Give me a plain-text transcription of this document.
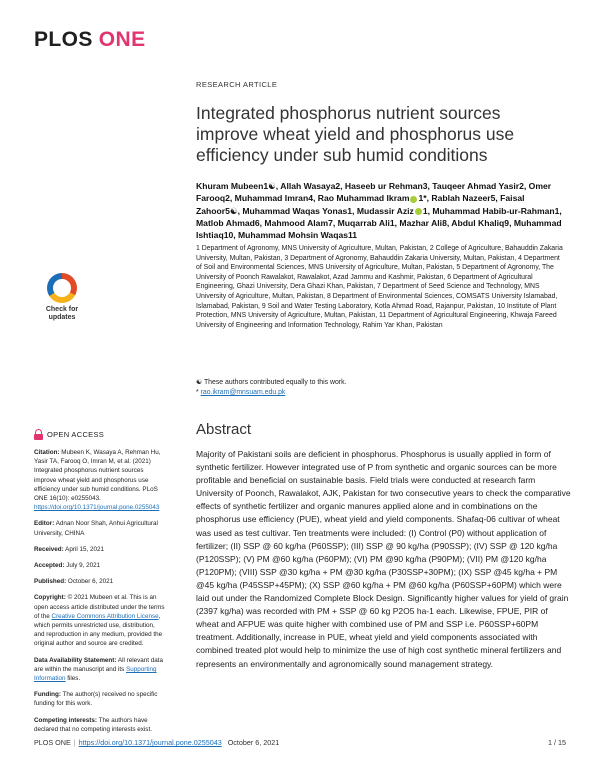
PLOS ONE
RESEARCH ARTICLE
Integrated phosphorus nutrient sources improve wheat yield and phosphorus use efficiency under sub humid conditions
Khuram Mubeen1☯, Allah Wasaya2, Haseeb ur Rehman3, Tauqeer Ahmad Yasir2, Omer Farooq2, Muhammad Imran4, Rao Muhammad Ikram 1*, Rablah Nazeer5, Faisal Zahoor5☯, Muhammad Waqas Yonas1, Mudassir Aziz 1, Muhammad Habib-ur-Rahman1, Matlob Ahmad6, Mahmood Alam7, Muqarrab Ali1, Mazhar Ali8, Abdul Khaliq9, Muhammad Ishtiaq10, Muhammad Mohsin Waqas11
1 Department of Agronomy, MNS University of Agriculture, Multan, Pakistan, 2 College of Agriculture, Bahauddin Zakaria University, Multan, Pakistan, 3 Department of Agronomy, Bahauddin Zakaria University, Multan, Pakistan, 4 Department of Soil and Environmental Sciences, MNS University of Agriculture, Multan, Pakistan, 5 Department of Agronomy, The University of Poonch Rawalakot, Rawalakot, Azad Jammu and Kashmir, Pakistan, 6 Department of Agricultural Engineering, Ghazi University, Dera Ghazi Khan, Pakistan, 7 Department of Seed Science and Technology, MNS University of Agriculture, Multan, Pakistan, 8 Department of Environmental Sciences, COMSATS University Islamabad, Islamabad, Pakistan, 9 Soil and Water Testing Laboratory, Kotla Ahmad Road, Rajanpur, Pakistan, 10 Institute of Plant Protection, MNS University of Agriculture, Multan, Pakistan, 11 Department of Agricultural Engineering, Khwaja Fareed University of Engineering and Information Technology, Rahim Yar Khan, Pakistan
☯ These authors contributed equally to this work.
* rao.ikram@mnsuam.edu.pk
Check for
updates
OPEN ACCESS

Citation: Mubeen K, Wasaya A, Rehman Hu, Yasir TA, Farooq O, Imran M, et al. (2021) Integrated phosphorus nutrient sources improve wheat yield and phosphorus use efficiency under sub humid conditions. PLoS ONE 16(10): e0255043. https://doi.org/10.1371/journal.pone.0255043

Editor: Adnan Noor Shah, Anhui Agricultural University, CHINA

Received: April 15, 2021

Accepted: July 9, 2021

Published: October 6, 2021

Copyright: © 2021 Mubeen et al. This is an open access article distributed under the terms of the Creative Commons Attribution License, which permits unrestricted use, distribution, and reproduction in any medium, provided the original author and source are credited.

Data Availability Statement: All relevant data are within the manuscript and its Supporting Information files.

Funding: The author(s) received no specific funding for this work.

Competing interests: The authors have declared that no competing interests exist.

Abstract
Majority of Pakistani soils are deficient in phosphorus. Phosphorus is usually applied in form of synthetic fertilizer. However integrated use of P from synthetic and organic sources can be more profitable and beneficial on sustainable basis. Field trials were conducted at research farm University of Poonch, Rawalakot, AJK, Pakistan for two consecutive years to check the comparative effects of synthetic fertilizer and organic manures applied alone and in combinations on the phosphorus use efficiency (PUE), wheat yield and yield components. Shafaq-06 cultivar of wheat was used as test cultivar. Ten treatments were included: (I) Control (P0) without application of fertilizer; (II) SSP @ 60 kg/ha (P60SSP); (III) SSP @ 90 kg/ha (P90SSP); (IV) SSP @ 120 kg/ha (P120SSP); (V) PM @60 kg/ha (P60PM); (VI) PM @90 kg/ha (P90PM); (VII) PM @120 kg/ha (P120PM); (VIII) SSP @30 kg/ha + PM @30 kg/ha (P30SSP+30PM); (IX) SSP @45 kg/ha + PM @45 kg/ha (P45SSP+45PM); (X) SSP @60 kg/ha + PM @60 kg/ha (P60SSP+60PM) which were laid out under the Randomized Complete Block Design. Significantly higher values for yield of grain (2397 kg/ha) was recorded with PM + SSP @ 60 kg P2O5 ha-1 each. Likewise, FPUE, PIR of wheat and AFPUE was quite higher with combined use of PM and SSP i.e. P60SSP+60PM treatment. Additionally, increase in PUE, wheat yield and yield components associated with combined treated plot would help to minimize the use of high cost synthetic mineral fertilizers and represents an environmentally and agronomically sound management strategy.
PLOS ONE | https://doi.org/10.1371/journal.pone.0255043 October 6, 2021	1 / 15
